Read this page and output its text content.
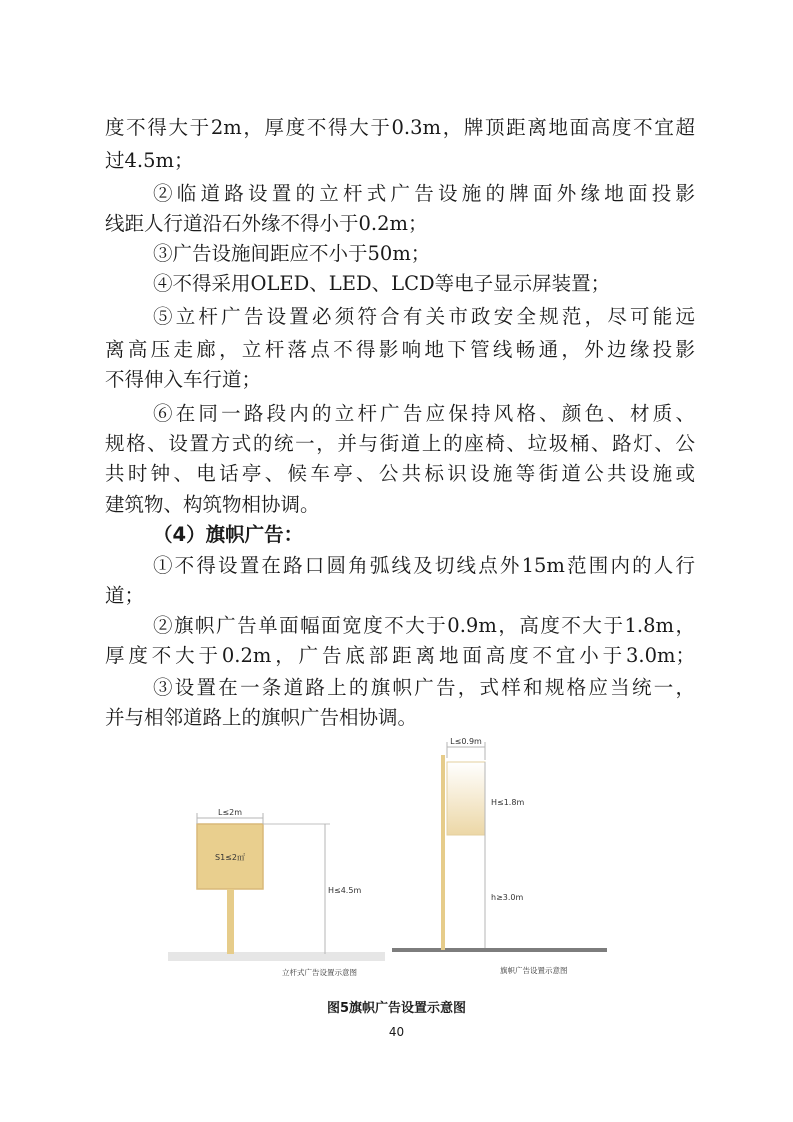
度不得大于2m，厚度不得大于0.3m，牌顶距离地面高度不宜超
过4.5m；
②临道路设置的立杆式广告设施的牌面外缘地面投影
线距人行道沿石外缘不得小于0.2m；
③广告设施间距应不小于50m；
④不得采用OLED、LED、LCD等电子显示屏装置；
⑤立杆广告设置必须符合有关市政安全规范，尽可能远
离高压走廊，立杆落点不得影响地下管线畅通，外边缘投影
不得伸入车行道；
⑥在同一路段内的立杆广告应保持风格、颜色、材质、
规格、设置方式的统一，并与街道上的座椅、垃圾桶、路灯、公
共时钟、电话亭、候车亭、公共标识设施等街道公共设施或
建筑物、构筑物相协调。
（4）旗帜广告：
①不得设置在路口圆角弧线及切线点外15m范围内的人行
道；
②旗帜广告单面幅面宽度不大于0.9m，高度不大于1.8m，
厚度不大于0.2m，广告底部距离地面高度不宜小于3.0m；
③设置在一条道路上的旗帜广告，式样和规格应当统一，
并与相邻道路上的旗帜广告相协调。
L≤2m
S1≤2㎡
H≤4.5m
立杆式广告设置示意图
L≤0.9m
H≤1.8m
h≥3.0m
旗帜广告设置示意图
图5旗帜广告设置示意图
40
